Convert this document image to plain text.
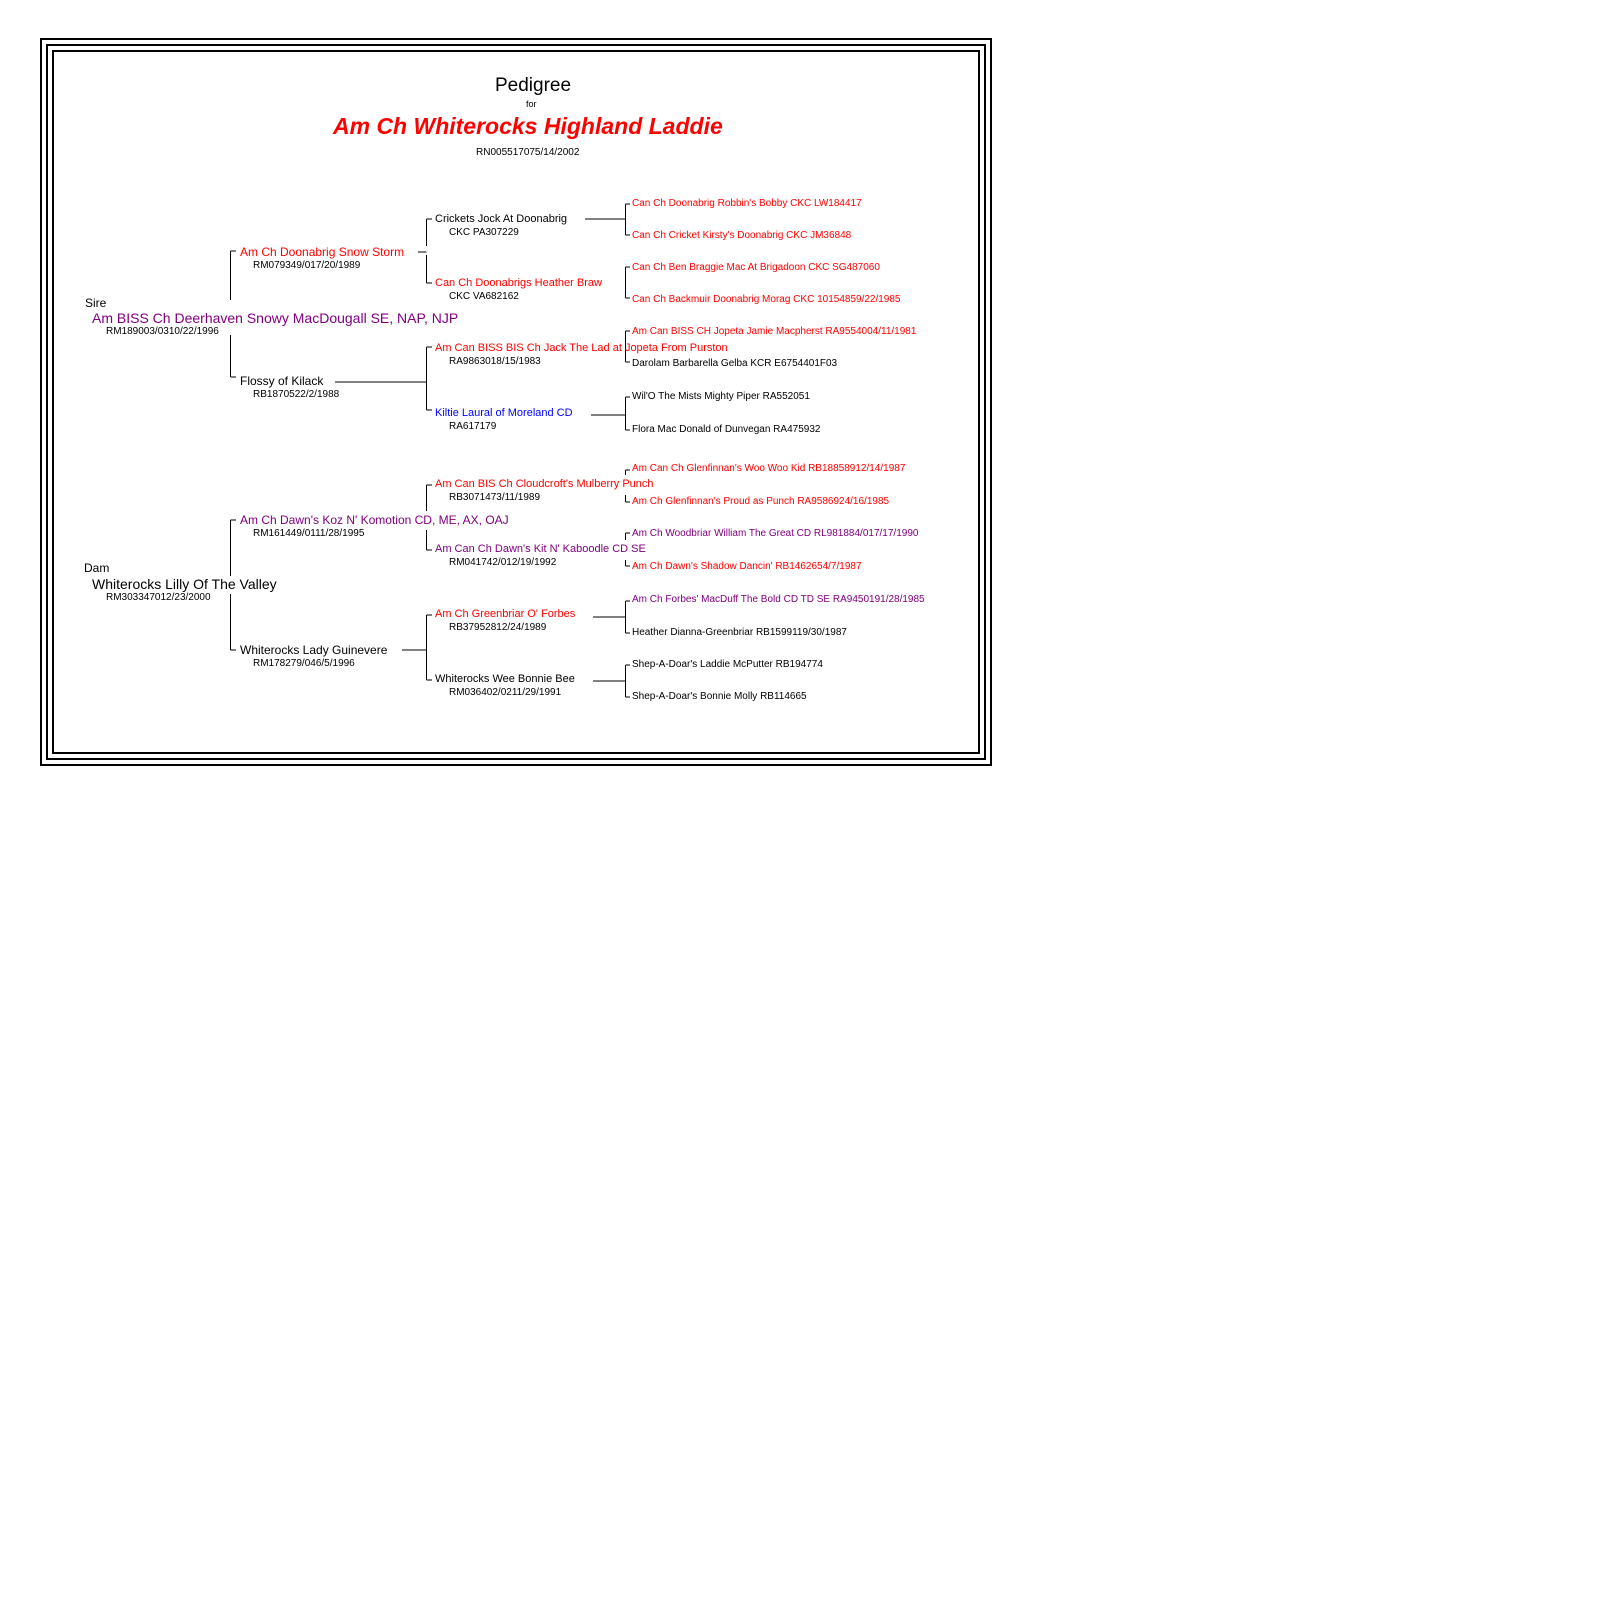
Pedigree
for
Am Ch Whiterocks Highland Laddie
RN005517075/14/2002
Sire
Am BISS Ch Deerhaven Snowy MacDougall SE, NAP, NJP
RM189003/0310/22/1996
Dam
Whiterocks Lilly Of The Valley
RM303347012/23/2000
Am Ch Doonabrig Snow Storm
RM079349/017/20/1989
Flossy of Kilack
RB1870522/2/1988
Am Ch Dawn's Koz N' Komotion CD, ME, AX, OAJ
RM161449/0111/28/1995
Whiterocks Lady Guinevere
RM178279/046/5/1996
Crickets Jock At Doonabrig
CKC PA307229
Can Ch Doonabrigs Heather Braw
CKC VA682162
Am Can BISS BIS Ch Jack The Lad at Jopeta From Purston
RA9863018/15/1983
Kiltie Laural of Moreland CD
RA617179
Am Can BIS Ch Cloudcroft's Mulberry Punch
RB3071473/11/1989
Am Can Ch Dawn's Kit N' Kaboodle CD SE
RM041742/012/19/1992
Am Ch Greenbriar O' Forbes
RB37952812/24/1989
Whiterocks Wee Bonnie Bee
RM036402/0211/29/1991
Can Ch Doonabrig Robbin's Bobby CKC LW184417
Can Ch Cricket Kirsty's Doonabrig CKC JM36848
Can Ch Ben Braggie Mac At Brigadoon CKC SG487060
Can Ch Backmuir Doonabrig Morag CKC 10154859/22/1985
Am Can BISS CH Jopeta Jamie Macpherst RA9554004/11/1981
Darolam Barbarella Gelba KCR E6754401F03
Wil'O The Mists Mighty Piper RA552051
Flora Mac Donald of Dunvegan RA475932
Am Can Ch Glenfinnan's Woo Woo Kid RB18858912/14/1987
Am Ch Glenfinnan's Proud as Punch RA9586924/16/1985
Am Ch Woodbriar William The Great CD RL981884/017/17/1990
Am Ch Dawn's Shadow Dancin' RB1462654/7/1987
Am Ch Forbes' MacDuff The Bold CD TD SE RA9450191/28/1985
Heather Dianna-Greenbriar RB1599119/30/1987
Shep-A-Doar's Laddie McPutter RB194774
Shep-A-Doar's Bonnie Molly RB114665
